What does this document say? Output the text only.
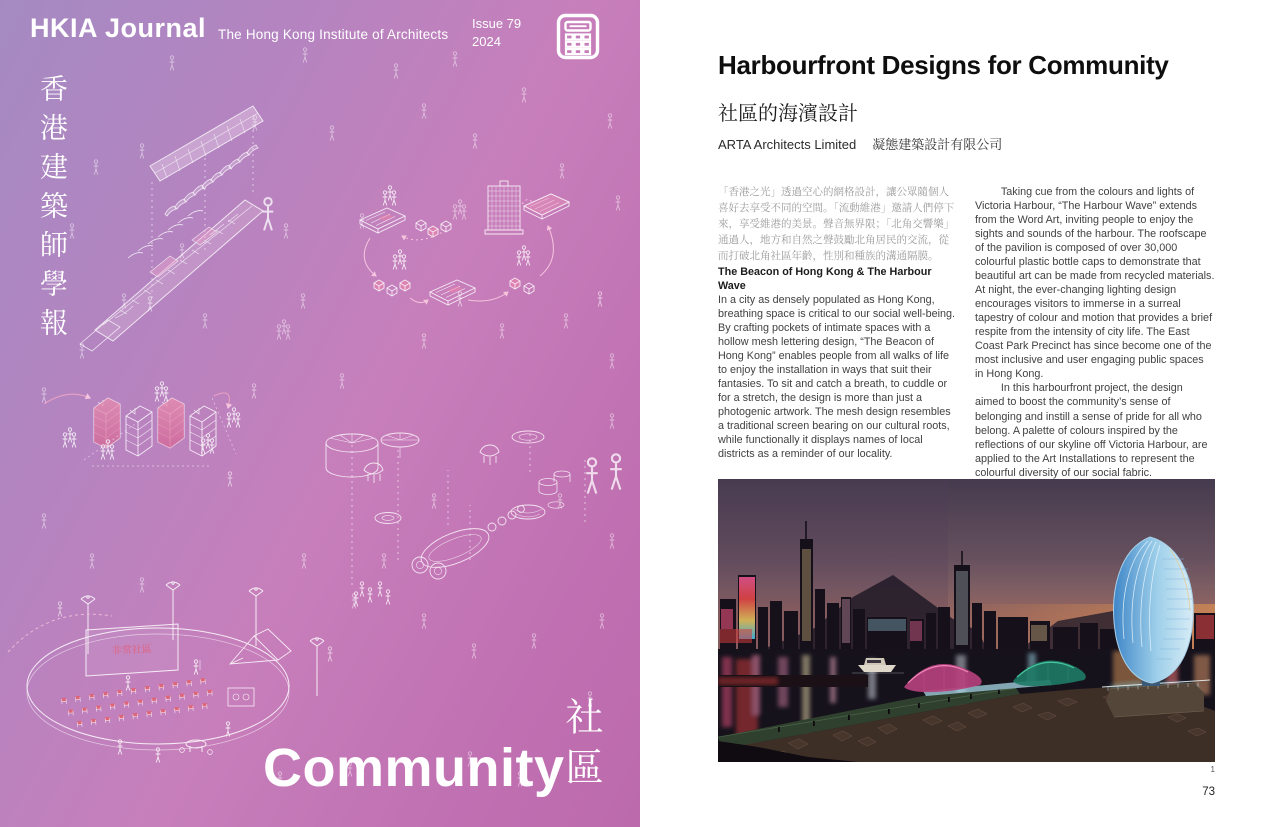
非常社區
HKIA Journal The Hong Kong Institute of Architects
Issue 79
2024
香港建築師學報
Community
社區
Harbourfront Designs for Community
社區的海濱設計
ARTA Architects Limited 凝態建築設計有限公司

「香港之光」透過空心的網格設計，讓公眾隨個人喜好去享受不同的空間。「流動維港」邀請人們停下來，享受維港的美景。聲音無界限；「北角交響樂」通過人，地方和自然之聲鼓勵北角居民的交流，從而打破北角社區年齡，性別和種族的溝通隔膜。

The Beacon of Hong Kong & The Harbour Wave

In a city as densely populated as Hong Kong, breathing space is critical to our social well-being. By crafting pockets of intimate spaces with a hollow mesh lettering design, “The Beacon of Hong Kong” enables people from all walks of life to enjoy the installation in ways that suit their fantasies. To sit and catch a breath, to cuddle or for a stretch, the design is more than just a photogenic artwork. The mesh design resembles a traditional screen bearing on our cultural roots, while functionally it displays names of local districts as a reminder of our locality.

Taking cue from the colours and lights of Victoria Harbour, “The Harbour Wave” extends from the Word Art, inviting people to enjoy the sights and sounds of the harbour. The roofscape of the pavilion is composed of over 30,000 colourful plastic bottle caps to demonstrate that beautiful art can be made from recycled materials. At night, the ever-changing lighting design encourages visitors to immerse in a surreal tapestry of colour and motion that provides a brief respite from the intensity of city life. The East Coast Park Precinct has since become one of the most inclusive and user engaging public spaces in Hong Kong.

In this harbourfront project, the design aimed to boost the community’s sense of belonging and instill a sense of pride for all who belong. A palette of colours inspired by the reflections of our skyline off Victoria Harbour, are applied to the Art Installations to represent the colourful diversity of our social fabric.

1
73
